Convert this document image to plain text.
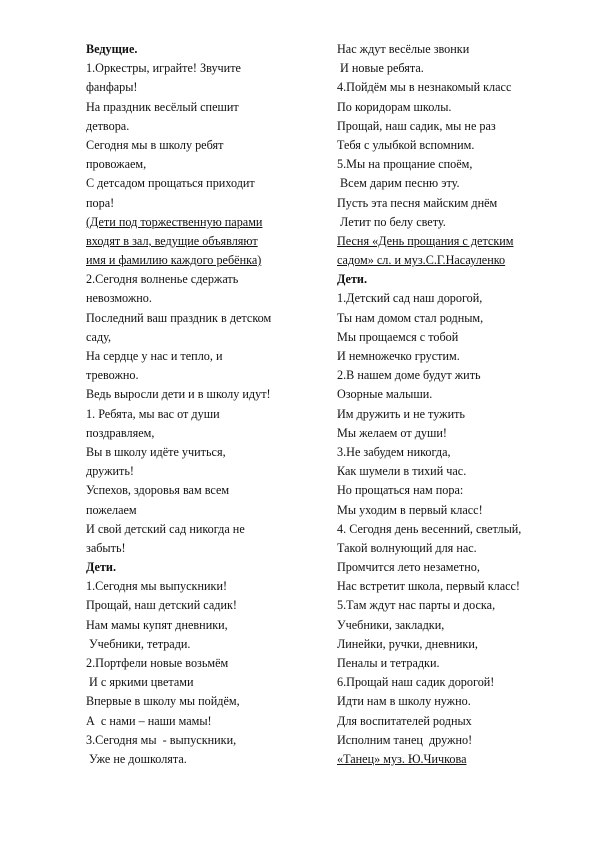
Ведущие.
1.Оркестры, играйте! Звучите
фанфары!
На праздник весёлый спешит
детвора.
Сегодня мы в школу ребят
провожаем,
С детсадом прощаться приходит
пора!
(Дети под торжественную парами
входят в зал, ведущие объявляют
имя и фамилию каждого ребёнка)
2.Сегодня волненье сдержать
невозможно.
Последний ваш праздник в детском
саду,
На сердце у нас и тепло, и
тревожно.
Ведь выросли дети и в школу идут!
1. Ребята, мы вас от души
поздравляем,
Вы в школу идёте учиться,
дружить!
Успехов, здоровья вам всем
пожелаем
И свой детский сад никогда не
забыть!
Дети.
1.Сегодня мы выпускники!
Прощай, наш детский садик!
Нам мамы купят дневники,
Учебники, тетради.
2.Портфели новые возьмём
И с яркими цветами
Впервые в школу мы пойдём,
А  с нами – наши мамы!
3.Сегодня мы  - выпускники,
Уже не дошколята.
Нас ждут весёлые звонки
И новые ребята.
4.Пойдём мы в незнакомый класс
По коридорам школы.
Прощай, наш садик, мы не раз
Тебя с улыбкой вспомним.
5.Мы на прощание споём,
Всем дарим песню эту.
Пусть эта песня майским днём
Летит по белу свету.
Песня «День прощания с детским
садом» сл. и муз.С.Г.Насауленко
Дети.
1.Детский сад наш дорогой,
Ты нам домом стал родным,
Мы прощаемся с тобой
И немножечко грустим.
2.В нашем доме будут жить
Озорные малыши.
Им дружить и не тужить
Мы желаем от души!
3.Не забудем никогда,
Как шумели в тихий час.
Но прощаться нам пора:
Мы уходим в первый класс!
4. Сегодня день весенний, светлый,
Такой волнующий для нас.
Промчится лето незаметно,
Нас встретит школа, первый класс!
5.Там ждут нас парты и доска,
Учебники, закладки,
Линейки, ручки, дневники,
Пеналы и тетрадки.
6.Прощай наш садик дорогой!
Идти нам в школу нужно.
Для воспитателей родных
Исполним танец  дружно!
«Танец» муз. Ю.Чичкова
